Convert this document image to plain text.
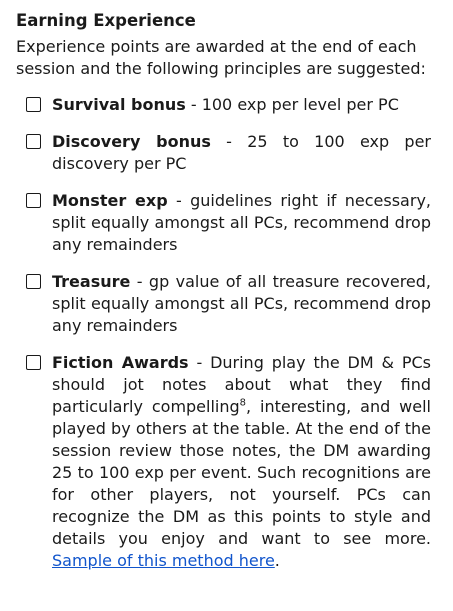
Earning Experience
Experience points are awarded at the end of each session and the following principles are suggested:
Survival bonus - 100 exp per level per PC
Discovery bonus - 25 to 100 exp per discovery per PC
Monster exp - guidelines right if necessary, split equally amongst all PCs, recommend drop any remainders
Treasure - gp value of all treasure recovered, split equally amongst all PCs, recommend drop any remainders
Fiction Awards - During play the DM & PCs should jot notes about what they find particularly compelling$^8$, interesting, and well played by others at the table. At the end of the session review those notes, the DM awarding 25 to 100 exp per event. Such recognitions are for other players, not yourself. PCs can recognize the DM as this points to style and details you enjoy and want to see more. Sample of this method here.
